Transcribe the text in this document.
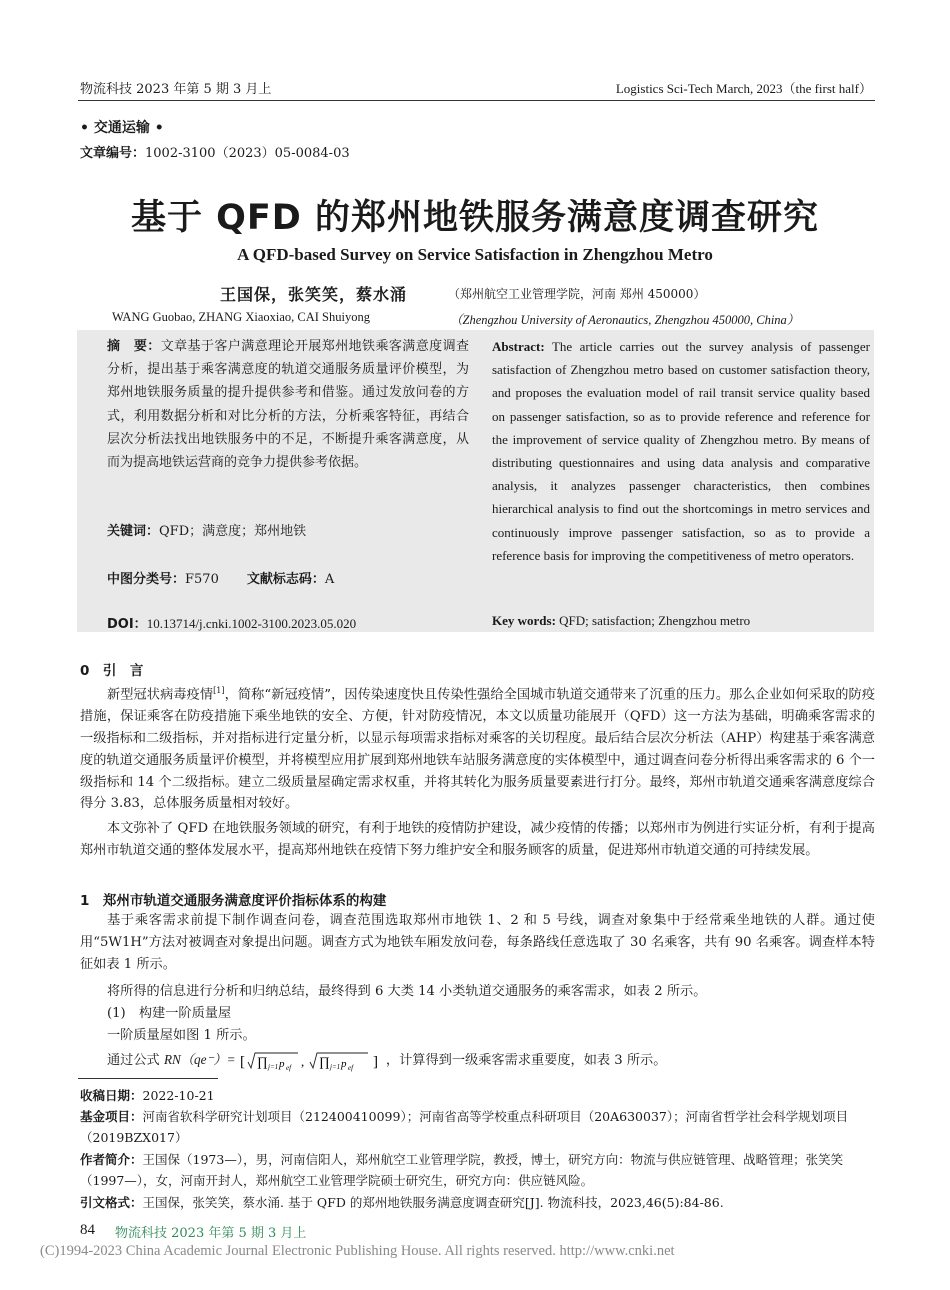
物流科技 2023 年第 5 期 3 月上	Logistics Sci-Tech March, 2023（the first half）
• 交通运输 •
文章编号：1002-3100（2023）05-0084-03
基于 QFD 的郑州地铁服务满意度调查研究
A QFD-based Survey on Service Satisfaction in Zhengzhou Metro
王国保，张笑笑，蔡水涌	（郑州航空工业管理学院，河南 郑州 450000）
WANG Guobao, ZHANG Xiaoxiao, CAI Shuiyong	（Zhengzhou University of Aeronautics, Zhengzhou 450000, China）
摘　要：文章基于客户满意理论开展郑州地铁乘客满意度调查分析，提出基于乘客满意度的轨道交通服务质量评价模型，为郑州地铁服务质量的提升提供参考和借鉴。通过发放问卷的方式，利用数据分析和对比分析的方法，分析乘客特征，再结合层次分析法找出地铁服务中的不足，不断提升乘客满意度，从而为提高地铁运营商的竞争力提供参考依据。
关键词：QFD；满意度；郑州地铁
中图分类号：F570 文献标志码：A
DOI：10.13714/j.cnki.1002-3100.2023.05.020
Abstract: The article carries out the survey analysis of passenger satisfaction of Zhengzhou metro based on customer satisfaction theory, and proposes the evaluation model of rail transit service quality based on passenger satisfaction, so as to provide reference and reference for the improvement of service quality of Zhengzhou metro. By means of distributing questionnaires and using data analysis and comparative analysis, it analyzes passenger characteristics, then combines hierarchical analysis to find out the shortcomings in metro services and continuously improve passenger satisfaction, so as to provide a reference basis for improving the competitiveness of metro operators.
Key words: QFD; satisfaction; Zhengzhou metro
0　引　言
新型冠状病毒疫情[1]，简称“新冠疫情”，因传染速度快且传染性强给全国城市轨道交通带来了沉重的压力。那么企业如何采取的防疫措施，保证乘客在防疫措施下乘坐地铁的安全、方便，针对防疫情况，本文以质量功能展开（QFD）这一方法为基础，明确乘客需求的一级指标和二级指标，并对指标进行定量分析，以显示每项需求指标对乘客的关切程度。最后结合层次分析法（AHP）构建基于乘客满意度的轨道交通服务质量评价模型，并将模型应用扩展到郑州地铁车站服务满意度的实体模型中，通过调查问卷分析得出乘客需求的 6 个一级指标和 14 个二级指标。建立二级质量屋确定需求权重，并将其转化为服务质量要素进行打分。最终，郑州市轨道交通乘客满意度综合得分 3.83，总体服务质量相对较好。
本文弥补了 QFD 在地铁服务领域的研究，有利于地铁的疫情防护建设，减少疫情的传播；以郑州市为例进行实证分析，有利于提高郑州市轨道交通的整体发展水平，提高郑州地铁在疫情下努力维护安全和服务顾客的质量，促进郑州市轨道交通的可持续发展。
1　郑州市轨道交通服务满意度评价指标体系的构建
基于乘客需求前提下制作调查问卷，调查范围选取郑州市地铁 1、2 和 5 号线，调查对象集中于经常乘坐地铁的人群。通过使用“5W1H”方法对被调查对象提出问题。调查方式为地铁车厢发放问卷，每条路线任意选取了 30 名乘客，共有 90 名乘客。调查样本特征如表 1 所示。
将所得的信息进行分析和归纳总结，最终得到 6 大类 14 小类轨道交通服务的乘客需求，如表 2 所示。
(1)　构建一阶质量屋
一阶质量屋如图 1 所示。
通过公式 RN（qe⁻）= [ ∏ j=1 p ef , ∏ j=1 p ef ] ，计算得到一级乘客需求重要度，如表 3 所示。
收稿日期：2022-10-21
基金项目：河南省软科学研究计划项目（212400410099）；河南省高等学校重点科研项目（20A630037）；河南省哲学社会科学规划项目（2019BZX017）
作者简介：王国保（1973—），男，河南信阳人，郑州航空工业管理学院，教授，博士，研究方向：物流与供应链管理、战略管理；张笑笑（1997—），女，河南开封人，郑州航空工业管理学院硕士研究生，研究方向：供应链风险。
引文格式：王国保，张笑笑，蔡水涌. 基于 QFD 的郑州地铁服务满意度调查研究[J]. 物流科技，2023,46(5):84-86.
84 物流科技 2023 年第 5 期 3 月上
(C)1994-2023 China Academic Journal Electronic Publishing House. All rights reserved. http://www.cnki.net
